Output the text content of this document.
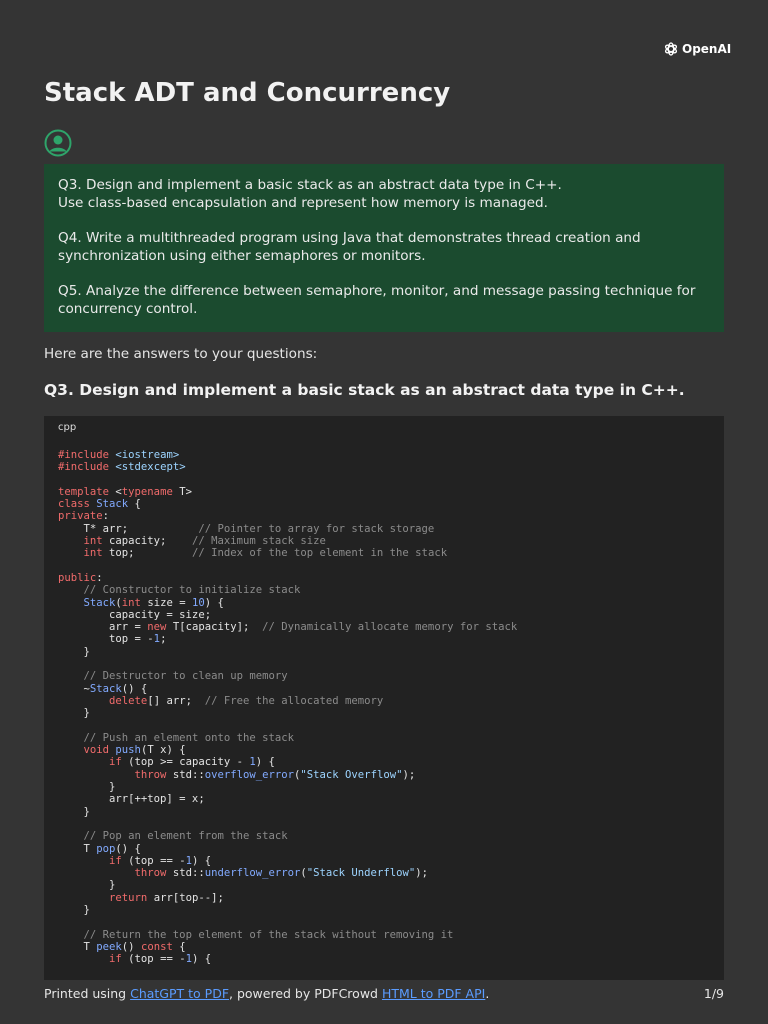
OpenAI
Stack ADT and Concurrency

Q3. Design and implement a basic stack as an abstract data type in C++.
Use class-based encapsulation and represent how memory is managed.

Q4. Write a multithreaded program using Java that demonstrates thread creation and synchronization using either semaphores or monitors.

Q5. Analyze the difference between semaphore, monitor, and message passing technique for concurrency control.

Here are the answers to your questions:

Q3. Design and implement a basic stack as an abstract data type in C++.
cpp
#include <iostream>
#include <stdexcept>

template <typename T>
class Stack {
private:
T* arr;	// Pointer to array for stack storage
int capacity;    // Maximum stack size
int top;         // Index of the top element in the stack

public:
// Constructor to initialize stack
Stack(int size = 10) {
capacity = size;
arr = new T[capacity];  // Dynamically allocate memory for stack
top = -1;
}

// Destructor to clean up memory
~Stack() {
delete[] arr;  // Free the allocated memory
}

// Push an element onto the stack
void push(T x) {
if (top >= capacity - 1) {
throw std::overflow_error("Stack Overflow");
}
arr[++top] = x;
}

// Pop an element from the stack
T pop() {
if (top == -1) {
throw std::underflow_error("Stack Underflow");
}
return arr[top--];
}

// Return the top element of the stack without removing it
T peek() const {
if (top == -1) {
Printed using ChatGPT to PDF, powered by PDFCrowd HTML to PDF API.	1/9
